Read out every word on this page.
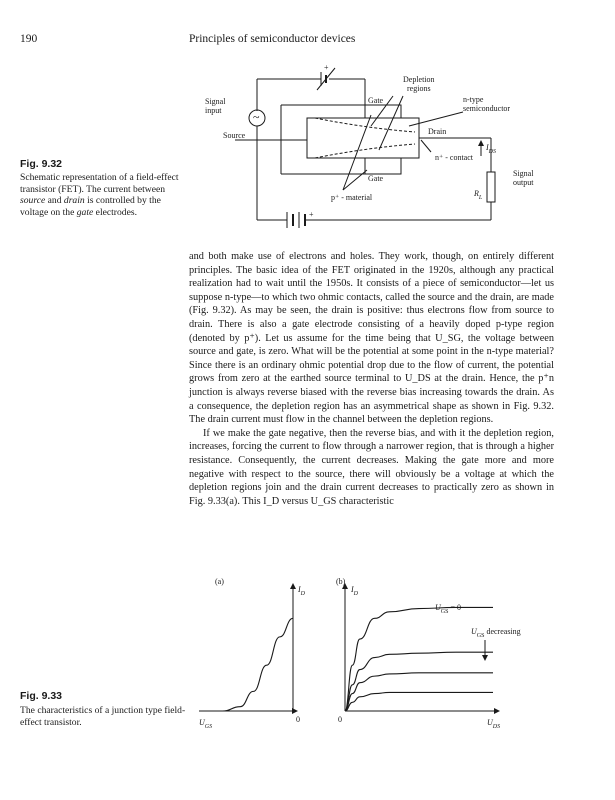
190	Principles of semiconductor devices
Fig. 9.32
Schematic representation of a field-effect transistor (FET). The current between source and drain is controlled by the voltage on the gate electrodes.
~
+
+
Signal
input
Source
Gate
Gate
Depletion
regions
n-type
semiconductor
Drain
n⁺ - contact
p⁺ - material
Signal
output
$I_{DS}$
$R_L$

and both make use of electrons and holes. They work, though, on entirely different principles. The basic idea of the FET originated in the 1920s, although any practical realization had to wait until the 1950s. It consists of a piece of semiconductor—let us suppose n-type—to which two ohmic contacts, called the source and the drain, are made (Fig. 9.32). As may be seen, the drain is positive: thus electrons flow from source to drain. There is also a gate electrode consisting of a heavily doped p-type region (denoted by p⁺). Let us assume for the time being that U_SG, the voltage between source and gate, is zero. What will be the potential at some point in the n-type material? Since there is an ordinary ohmic potential drop due to the flow of current, the potential grows from zero at the earthed source terminal to U_DS at the drain. Hence, the p⁺n junction is always reverse biased with the reverse bias increasing towards the drain. As a consequence, the depletion region has an asymmetrical shape as shown in Fig. 9.32. The drain current must flow in the channel between the depletion regions.

If we make the gate negative, then the reverse bias, and with it the depletion region, increases, forcing the current to flow through a narrower region, that is through a higher resistance. Consequently, the current decreases. Making the gate more and more negative with respect to the source, there will obviously be a voltage at which the depletion regions join and the drain current decreases to practically zero as shown in Fig. 9.33(a). This I_D versus U_GS characteristic

Fig. 9.33
The characteristics of a junction type field-effect transistor.
(a)
$I_D$
$U_{GS}$
0
(b)
$I_D$
$U_{DS}$
0
$U_{GS} = 0$
$U_{GS}$ decreasing
